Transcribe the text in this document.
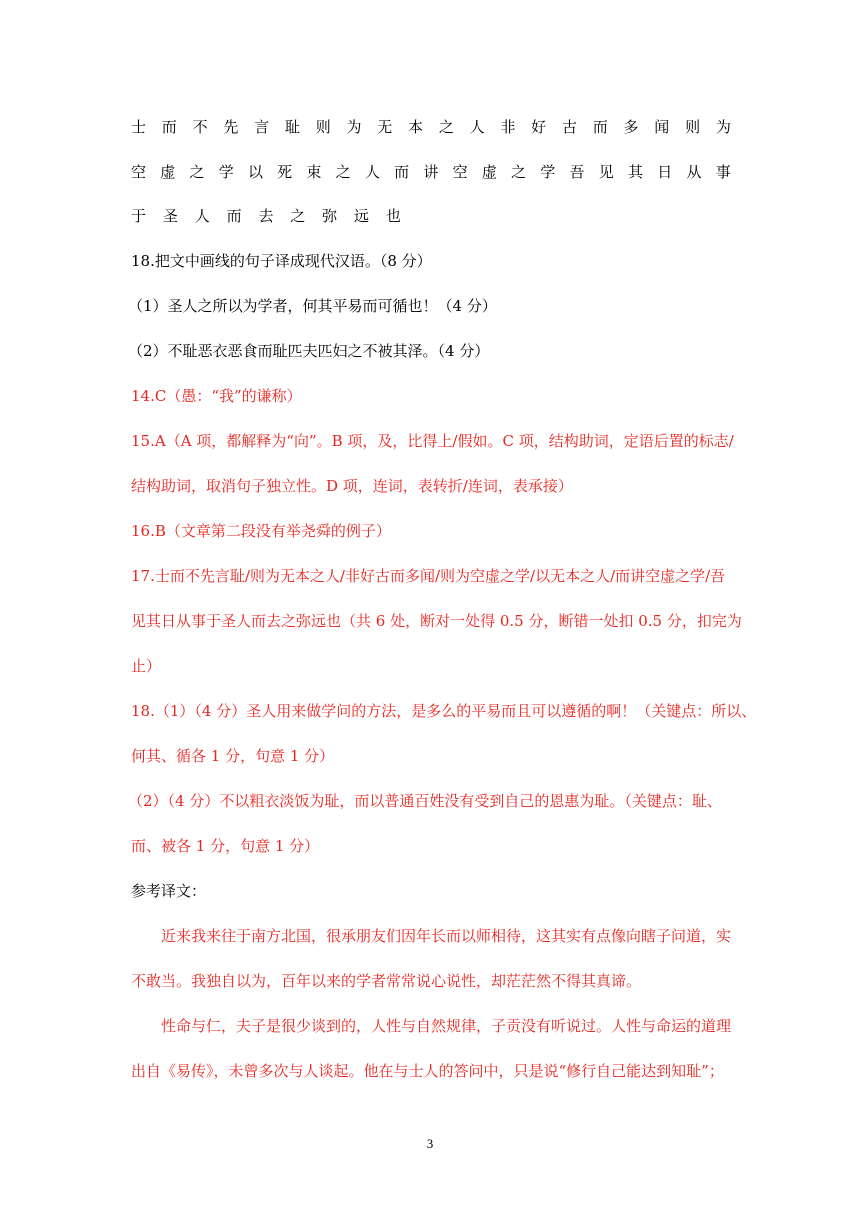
士 而 不 先 言 耻 则 为 无 本 之 人 非 好 古 而 多 闻 则 为
空 虚 之 学 以 死 束 之 人 而 讲 空 虚 之 学 吾 见 其 日 从 事
于 圣 人 而 去 之 弥 远 也
18.把文中画线的句子译成现代汉语。（8 分）
（1）圣人之所以为学者，何其平易而可循也！（4 分）
（2）不耻恶衣恶食而耻匹夫匹妇之不被其泽。（4 分）
14.C（愚：“我”的谦称）
15.A（A 项，都解释为“向”。B 项，及，比得上/假如。C 项，结构助词，定语后置的标志/
结构助词，取消句子独立性。D 项，连词，表转折/连词，表承接）
16.B（文章第二段没有举尧舜的例子）
17.士而不先言耻/则为无本之人/非好古而多闻/则为空虚之学/以无本之人/而讲空虚之学/吾
见其日从事于圣人而去之弥远也（共 6 处，断对一处得 0.5 分，断错一处扣 0.5 分，扣完为
止）
18.（1）（4 分）圣人用来做学问的方法，是多么的平易而且可以遵循的啊！（关键点：所以、
何其、循各 1 分，句意 1 分）
（2）（4 分）不以粗衣淡饭为耻，而以普通百姓没有受到自己的恩惠为耻。（关键点：耻、
而、被各 1 分，句意 1 分）
参考译文：
近来我来往于南方北国，很承朋友们因年长而以师相待，这其实有点像向瞎子问道，实
不敢当。我独自以为，百年以来的学者常常说心说性，却茫茫然不得其真谛。
性命与仁，夫子是很少谈到的，人性与自然规律，子贡没有听说过。人性与命运的道理
出自《易传》，未曾多次与人谈起。他在与士人的答问中，只是说“修行自己能达到知耻”；
3
